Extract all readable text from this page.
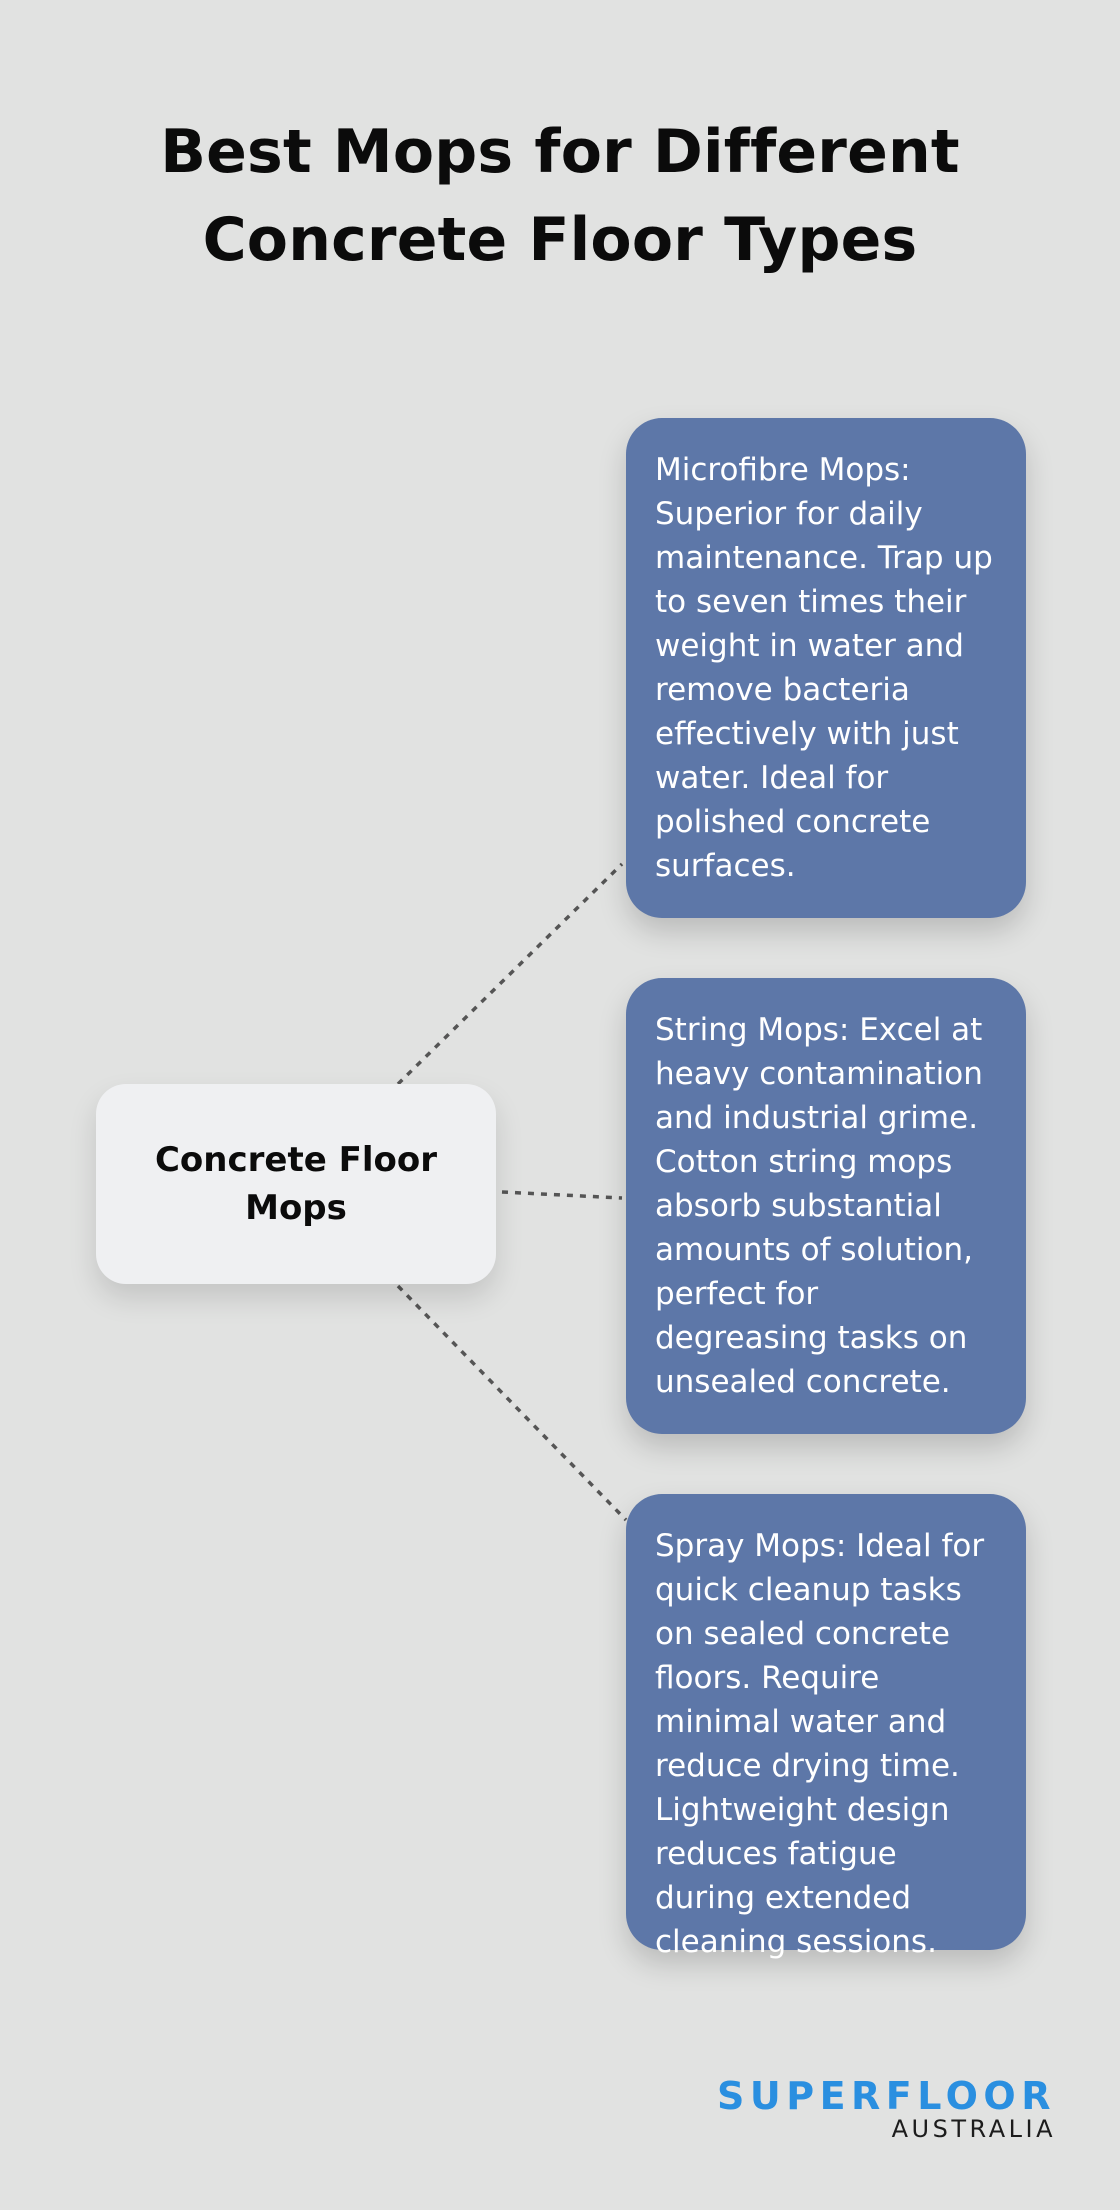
Best Mops for Different
Concrete Floor Types
Concrete Floor Mops

Microfibre Mops: Superior for daily maintenance. Trap up to seven times their weight in water and remove bacteria effectively with just water. Ideal for polished concrete surfaces.

String Mops: Excel at heavy contamination and industrial grime. Cotton string mops absorb substantial amounts of solution, perfect for degreasing tasks on unsealed concrete.

Spray Mops: Ideal for quick cleanup tasks on sealed concrete floors. Require minimal water and reduce drying time. Lightweight design reduces fatigue during extended cleaning sessions.

SUPERFLOOR
AUSTRALIA
